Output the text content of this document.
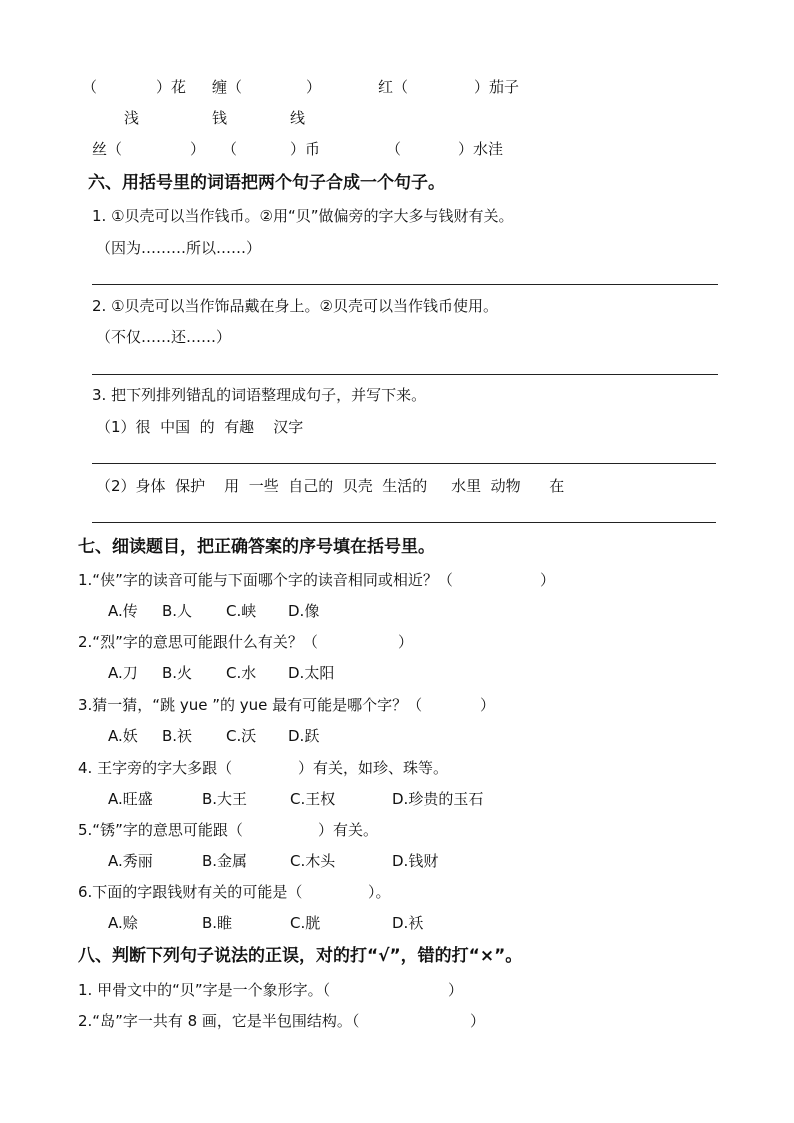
（	）花 缠（	）	红（	）茄子
浅	钱	线
丝（	） （	）币	（	）水洼
六、用括号里的词语把两个句子合成一个句子。
1. ①贝壳可以当作钱币。②用“贝”做偏旁的字大多与钱财有关。
（因为………所以……）
2. ①贝壳可以当作饰品戴在身上。②贝壳可以当作钱币使用。
（不仅……还……）
3. 把下列排列错乱的词语整理成句子，并写下来。
（1）很  中国  的  有趣    汉字
（2）身体  保护    用  一些  自己的  贝壳  生活的     水里  动物      在
七、细读题目，把正确答案的序号填在括号里。
1.“侠”字的读音可能与下面哪个字的读音相同或相近？（	）
A.传 B.人 C.峡 D.像
2.“烈”字的意思可能跟什么有关？（	）
A.刀 B.火 C.水 D.太阳
3.猜一猜，“跳 yue ”的 yue 最有可能是哪个字？（	）
A.妖 B.祆 C.沃 D.跃
4. 王字旁的字大多跟（	）有关，如珍、珠等。
A.旺盛	B.大王	C.王权	D.珍贵的玉石
5.“锈”字的意思可能跟（	）有关。
A.秀丽	B.金属	C.木头	D.钱财
6.下面的字跟钱财有关的可能是（	）。
A.赊	B.睢	C.胱	D.袄
八、判断下列句子说法的正误，对的打“√”，错的打“×”。
1. 甲骨文中的“贝”字是一个象形字。（	）
2.“岛”字一共有 8 画，它是半包围结构。（	）
